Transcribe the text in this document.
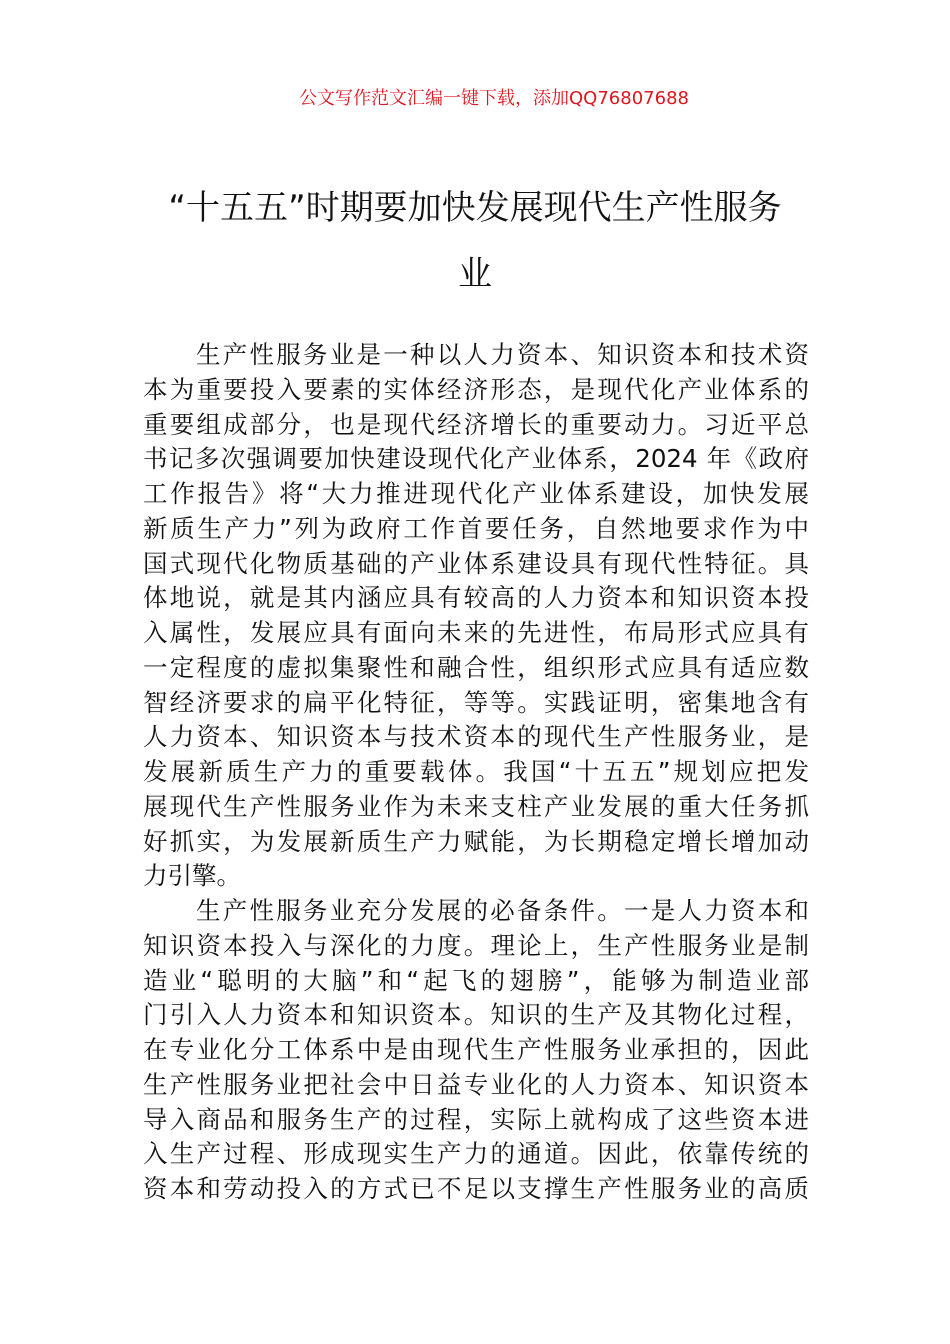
公文写作范文汇编一键下载，添加QQ76807688
“十五五”时期要加快发展现代生产性服务
业
生产性服务业是一种以人力资本、知识资本和技术资
本为重要投入要素的实体经济形态，是现代化产业体系的
重要组成部分，也是现代经济增长的重要动力。习近平总
书记多次强调要加快建设现代化产业体系，2024 年《政府
工作报告》将“大力推进现代化产业体系建设，加快发展
新质生产力”列为政府工作首要任务，自然地要求作为中
国式现代化物质基础的产业体系建设具有现代性特征。具
体地说，就是其内涵应具有较高的人力资本和知识资本投
入属性，发展应具有面向未来的先进性，布局形式应具有
一定程度的虚拟集聚性和融合性，组织形式应具有适应数
智经济要求的扁平化特征，等等。实践证明，密集地含有
人力资本、知识资本与技术资本的现代生产性服务业，是
发展新质生产力的重要载体。我国“十五五”规划应把发
展现代生产性服务业作为未来支柱产业发展的重大任务抓
好抓实，为发展新质生产力赋能，为长期稳定增长增加动
力引擎。
生产性服务业充分发展的必备条件。一是人力资本和
知识资本投入与深化的力度。理论上，生产性服务业是制
造业“聪明的大脑”和“起飞的翅膀”，能够为制造业部
门引入人力资本和知识资本。知识的生产及其物化过程，
在专业化分工体系中是由现代生产性服务业承担的，因此
生产性服务业把社会中日益专业化的人力资本、知识资本
导入商品和服务生产的过程，实际上就构成了这些资本进
入生产过程、形成现实生产力的通道。因此，依靠传统的
资本和劳动投入的方式已不足以支撑生产性服务业的高质
